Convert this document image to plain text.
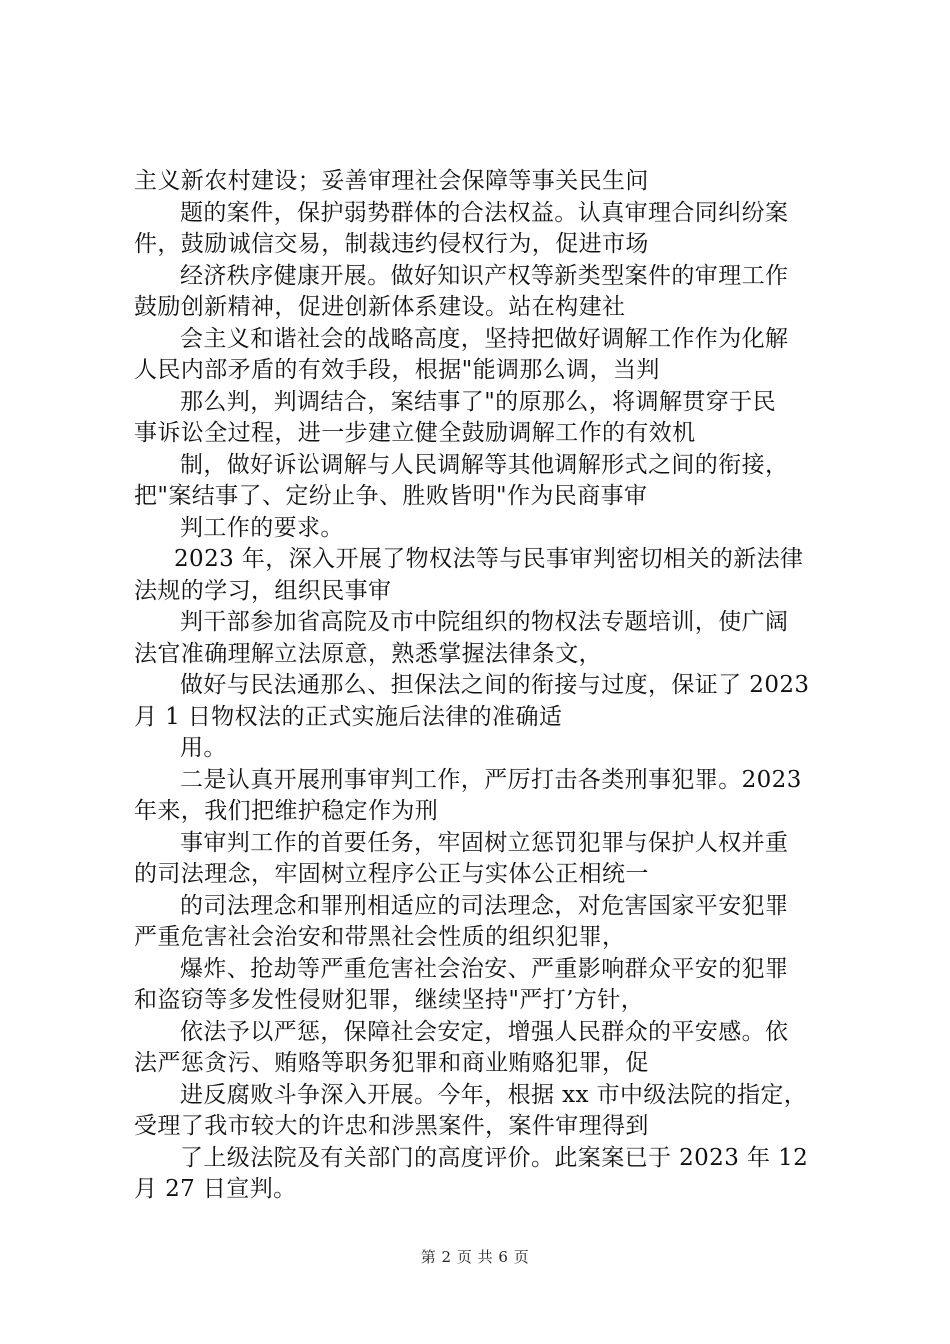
主义新农村建设；妥善审理社会保障等事关民生问
题的案件，保护弱势群体的合法权益。认真审理合同纠纷案
件，鼓励诚信交易，制裁违约侵权行为，促进市场
经济秩序健康开展。做好知识产权等新类型案件的审理工作
鼓励创新精神，促进创新体系建设。站在构建社
会主义和谐社会的战略高度，坚持把做好调解工作作为化解
人民内部矛盾的有效手段，根据"能调那么调，当判
那么判，判调结合，案结事了"的原那么，将调解贯穿于民
事诉讼全过程，进一步建立健全鼓励调解工作的有效机
制，做好诉讼调解与人民调解等其他调解形式之间的衔接，
把"案结事了、定纷止争、胜败皆明"作为民商事审
判工作的要求。
2023 年，深入开展了物权法等与民事审判密切相关的新法律
法规的学习，组织民事审
判干部参加省高院及市中院组织的物权法专题培训，使广阔
法官准确理解立法原意，熟悉掌握法律条文，
做好与民法通那么、担保法之间的衔接与过度，保证了 2023
月 1 日物权法的正式实施后法律的准确适
用。
二是认真开展刑事审判工作，严厉打击各类刑事犯罪。2023
年来，我们把维护稳定作为刑
事审判工作的首要任务，牢固树立惩罚犯罪与保护人权并重
的司法理念，牢固树立程序公正与实体公正相统一
的司法理念和罪刑相适应的司法理念，对危害国家平安犯罪
严重危害社会治安和带黑社会性质的组织犯罪，
爆炸、抢劫等严重危害社会治安、严重影响群众平安的犯罪
和盗窃等多发性侵财犯罪，继续坚持"严打’方针，
依法予以严惩，保障社会安定，增强人民群众的平安感。依
法严惩贪污、贿赂等职务犯罪和商业贿赂犯罪，促
进反腐败斗争深入开展。今年，根据 xx 市中级法院的指定，
受理了我市较大的许忠和涉黑案件，案件审理得到
了上级法院及有关部门的高度评价。此案案已于 2023 年 12
月 27 日宣判。
第 2 页 共 6 页
